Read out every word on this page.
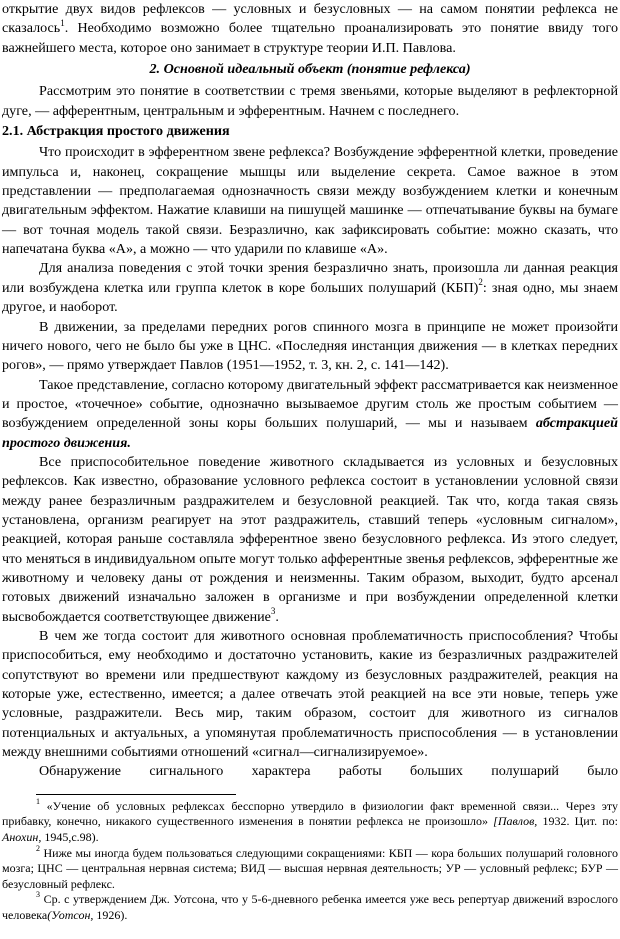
открытие двух видов рефлексов — условных и безусловных — на самом понятии рефлекса не сказалось$^1$. Необходимо возможно более тщательно проанализировать это понятие ввиду того важнейшего места, которое оно занимает в структуре теории И.П. Павлова.

2. Основной идеальный объект (понятие рефлекса)

Рассмотрим это понятие в соответствии с тремя звеньями, которые выделяют в рефлекторной дуге, — афферентным, центральным и эфферентным. Начнем с последнего.

2.1. Абстракция простого движения

Что происходит в эфферентном звене рефлекса? Возбуждение эфферентной клетки, проведение импульса и, наконец, сокращение мышцы или выделение секрета. Самое важное в этом представлении — предполагаемая однозначность связи между возбуждением клетки и конечным двигательным эффектом. Нажатие клавиши на пишущей машинке — отпечатывание буквы на бумаге — вот точная модель такой связи. Безразлично, как зафиксировать событие: можно сказать, что напечатана буква «А», а можно — что ударили по клавише «А».

Для анализа поведения с этой точки зрения безразлично знать, произошла ли данная реакция или возбуждена клетка или группа клеток в коре больших полушарий (КБП)$^2$: зная одно, мы знаем другое, и наоборот.

В движении, за пределами передних рогов спинного мозга в принципе не может произойти ничего нового, чего не было бы уже в ЦНС. «Последняя инстанция движения — в клетках передних рогов», — прямо утверждает Павлов (1951—1952, т. 3, кн. 2, с. 141—142).

Такое представление, согласно которому двигательный эффект рассматривается как неизменное и простое, «точечное» событие, однозначно вызываемое другим столь же простым событием — возбуждением определенной зоны коры больших полушарий, — мы и называем абстракцией простого движения.

Все приспособительное поведение животного складывается из условных и безусловных рефлексов. Как известно, образование условного рефлекса состоит в установлении условной связи между ранее безразличным раздражителем и безусловной реакцией. Так что, когда такая связь установлена, организм реагирует на этот раздражитель, ставший теперь «условным сигналом», реакцией, которая раньше составляла эфферентное звено безусловного рефлекса. Из этого следует, что меняться в индивидуальном опыте могут только афферентные звенья рефлексов, эфферентные же животному и человеку даны от рождения и неизменны. Таким образом, выходит, будто арсенал готовых движений изначально заложен в организме и при возбуждении определенной клетки высвобождается соответствующее движение$^3$.

В чем же тогда состоит для животного основная проблематичность приспособления? Чтобы приспособиться, ему необходимо и достаточно установить, какие из безразличных раздражителей сопутствуют во времени или предшествуют каждому из безусловных раздражителей, реакция на которые уже, естественно, имеется; а далее отвечать этой реакцией на все эти новые, теперь уже условные, раздражители. Весь мир, таким образом, состоит для животного из сигналов потенциальных и актуальных, а упомянутая проблематичность приспособления — в установлении между внешними событиями отношений «сигнал—сигнализируемое».

Обнаружение сигнального характера работы больших полушарий было

$^1$ «Учение об условных рефлексах бесспорно утвердило в физиологии факт временной связи... Через эту прибавку, конечно, никакого существенного изменения в понятии рефлекса не произошло» [Павлов, 1932. Цит. по: Анохин, 1945,с.98).

$^2$ Ниже мы иногда будем пользоваться следующими сокращениями: КБП — кора больших полушарий головного мозга; ЦНС — центральная нервная система; ВИД — высшая нервная деятельность; УР — условный рефлекс; БУР — безусловный рефлекс.

$^3$ Ср. с утверждением Дж. Уотсона, что у 5-6-дневного ребенка имеется уже весь репертуар движений взрослого человека(Уотсон, 1926).
